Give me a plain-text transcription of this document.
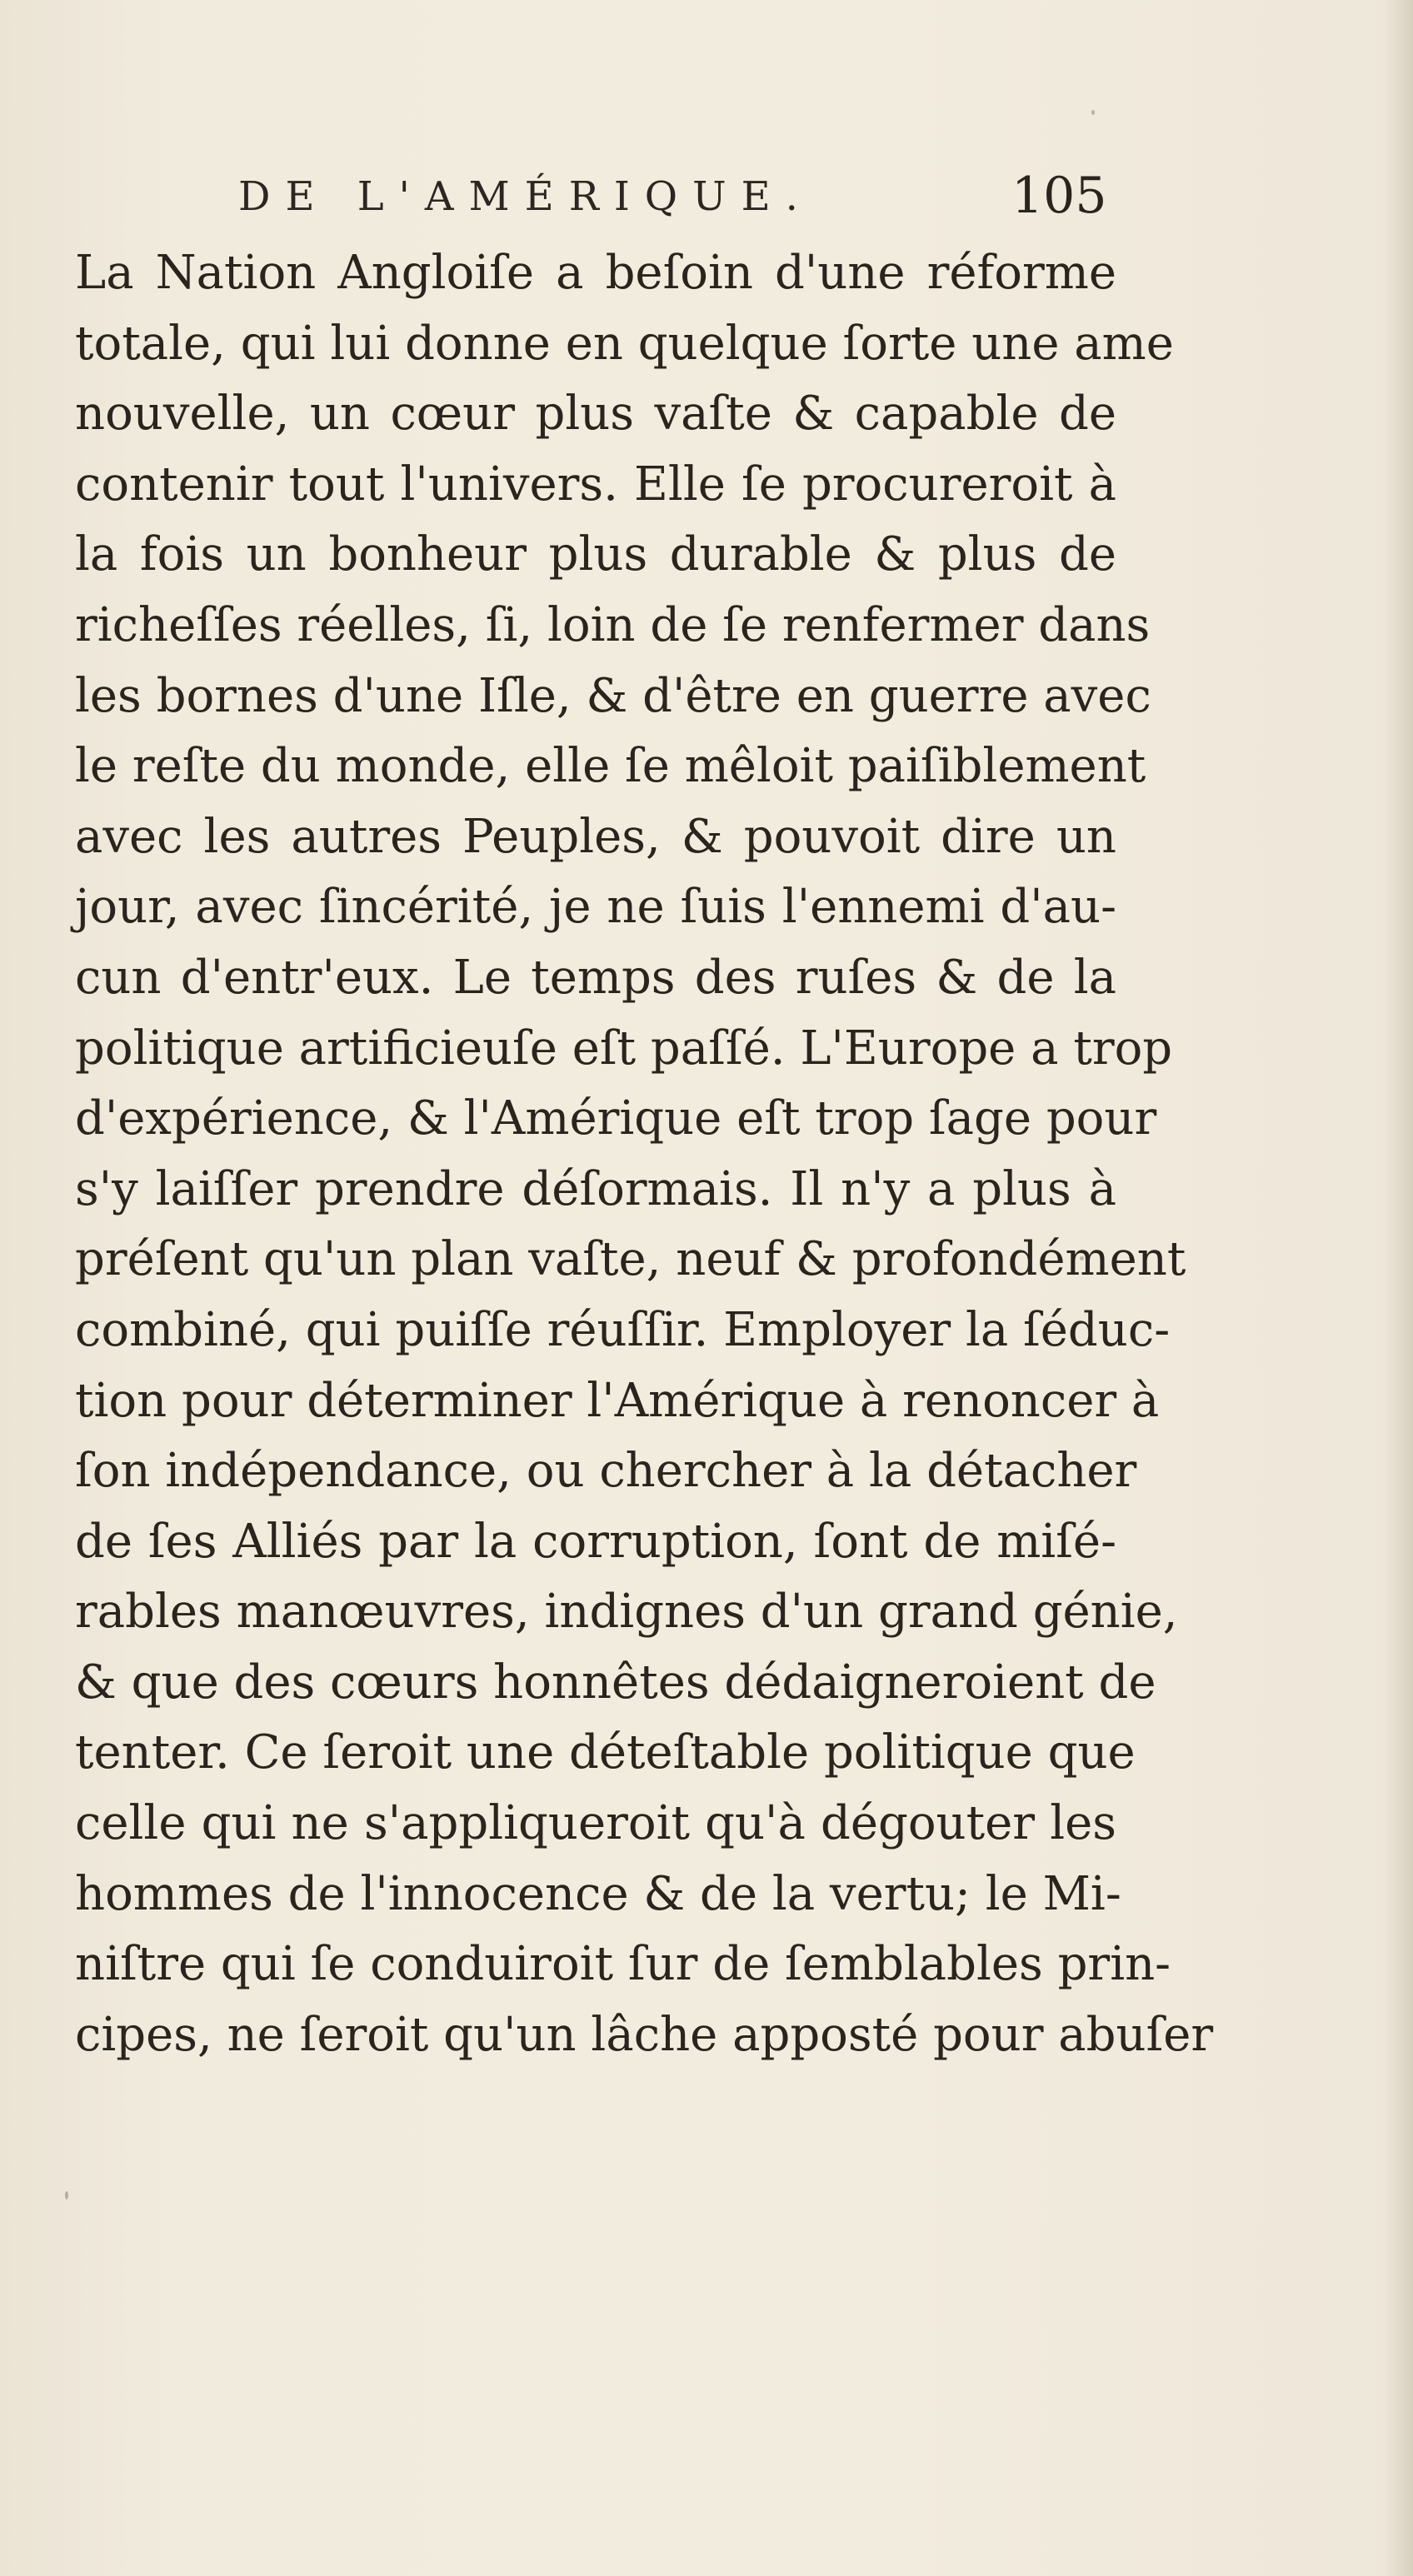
DE L'AMÉRIQUE.	105
La Nation Angloiſe a beſoin d'une réforme
totale, qui lui donne en quelque ſorte une ame
nouvelle, un cœur plus vaſte & capable de
contenir tout l'univers. Elle ſe procureroit à
la fois un bonheur plus durable & plus de
richeſſes réelles, ſi, loin de ſe renfermer dans
les bornes d'une Iſle, & d'être en guerre avec
le reſte du monde, elle ſe mêloit paiſiblement
avec les autres Peuples, & pouvoit dire un
jour, avec ſincérité, je ne ſuis l'ennemi d'au-
cun d'entr'eux. Le temps des ruſes & de la
politique artificieuſe eſt paſſé. L'Europe a trop
d'expérience, & l'Amérique eſt trop ſage pour
s'y laiſſer prendre déſormais. Il n'y a plus à
préſent qu'un plan vaſte, neuf & profondément
combiné, qui puiſſe réuſſir. Employer la ſéduc-
tion pour déterminer l'Amérique à renoncer à
ſon indépendance, ou chercher à la détacher
de ſes Alliés par la corruption, ſont de miſé-
rables manœuvres, indignes d'un grand génie,
& que des cœurs honnêtes dédaigneroient de
tenter. Ce ſeroit une déteſtable politique que
celle qui ne s'appliqueroit qu'à dégouter les
hommes de l'innocence & de la vertu; le Mi-
niſtre qui ſe conduiroit ſur de ſemblables prin-
cipes, ne ſeroit qu'un lâche apposté pour abuſer
